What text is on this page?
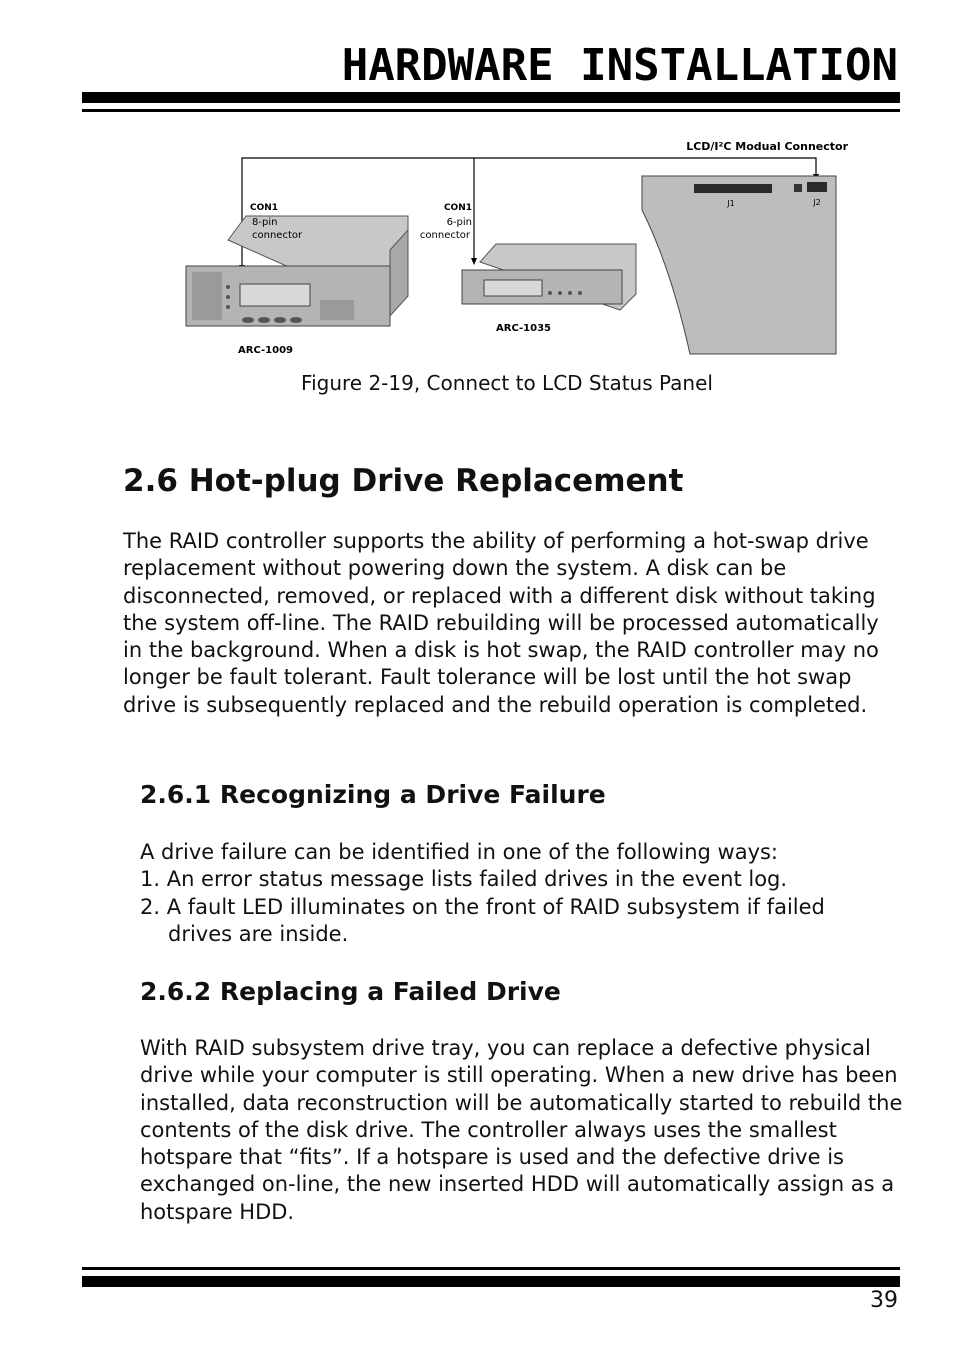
HARDWARE INSTALLATION
LCD/I²C Modual Connector
CON1
8-pin
connector
ARC-1009
CON1
6-pin
connector
ARC-1035
J1	J2
Figure 2-19, Connect to LCD Status Panel
2.6 Hot-plug Drive Replacement

The RAID controller supports the ability of performing a hot-swap drive replacement without powering down the system. A disk can be disconnected, removed, or replaced with a different disk without taking the system off-line. The RAID rebuilding will be processed automatically in the background. When a disk is hot swap, the RAID controller may no longer be fault tolerant. Fault tolerance will be lost until the hot swap drive is subsequently replaced and the rebuild operation is completed.

2.6.1 Recognizing a Drive Failure
A drive failure can be identified in one of the following ways:
1. An error status message lists failed drives in the event log.
2. A fault LED illuminates on the front of RAID subsystem if failed drives are inside.
2.6.2 Replacing a Failed Drive

With RAID subsystem drive tray, you can replace a defective physical drive while your computer is still operating. When a new drive has been installed, data reconstruction will be automatically started to rebuild the contents of the disk drive. The controller always uses the smallest hotspare that “fits”. If a hotspare is used and the defective drive is exchanged on-line, the new inserted HDD will automatically assign as a hotspare HDD.

39
